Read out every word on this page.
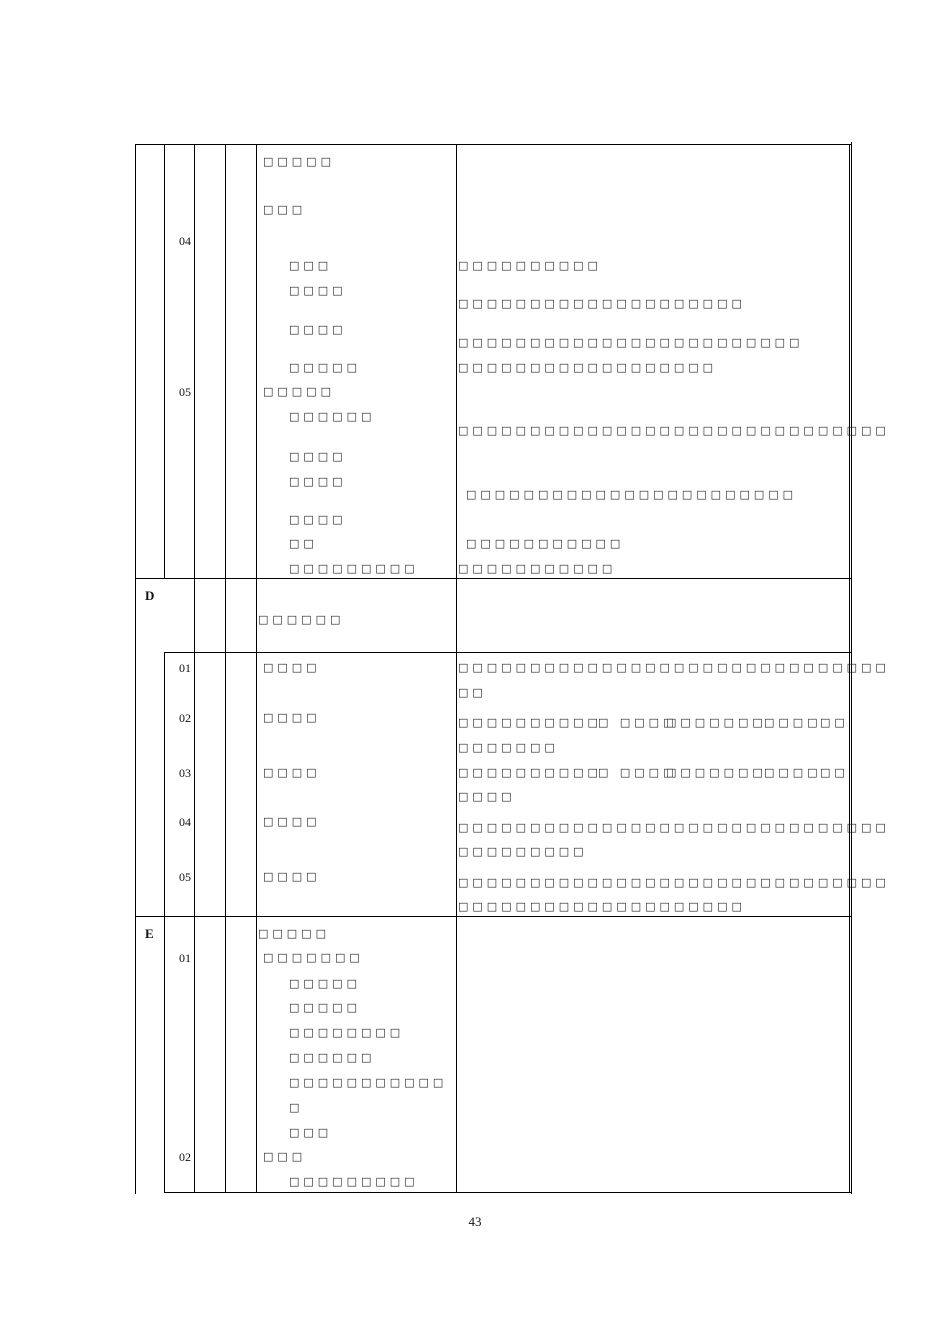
D
E
04
05
01
02
03
04
05
01
02
□□□□□
□□□
□□□
□□□□
□□□□
□□□□□
□□□□□
□□□□□□
□□□□
□□□□
□□□□
□□
□□□□□□□□□
□□□□□□
□□□□
□□□□
□□□□
□□□□
□□□□
□□□□□
□□□□□□□
□□□□□
□□□□□
□□□□□□□□
□□□□□□
□□□□□□□□□□□
□
□□□
□□□
□□□□□□□□□
□□□□□□□□□□
□□□□□□□□□□□□□□□□□□□□
□□□□□□□□□□□□□□□□□□□□□□□□
□□□□□□□□□□□□□□□□□□
□□□□□□□□□□□□□□□□□□□□□□□□□□□□□□
□□□□□□□□□□□□□□□□□□□□□□□
□□□□□□□□□□□
□□□□□□□□□□□
□□□□□□□□□□□□□□□□□□□□□□□□□□□□□□
□□
□□□□□□□□□□
□ □□□□
□□□□□□□
□□□□
□□
□□□□□□□
□□□□□□□□□□
□ □□□□
□□□□□□□
□□□□
□□
□□□□
□□□□□□□□□□□□□□□□□□□□□□□□□□□□□□
□□□□□□□□□
□□□□□□□□□□□□□□□□□□□□□□□□□□□□□□
□□□□□□□□□□□□□□□□□□□□
43
